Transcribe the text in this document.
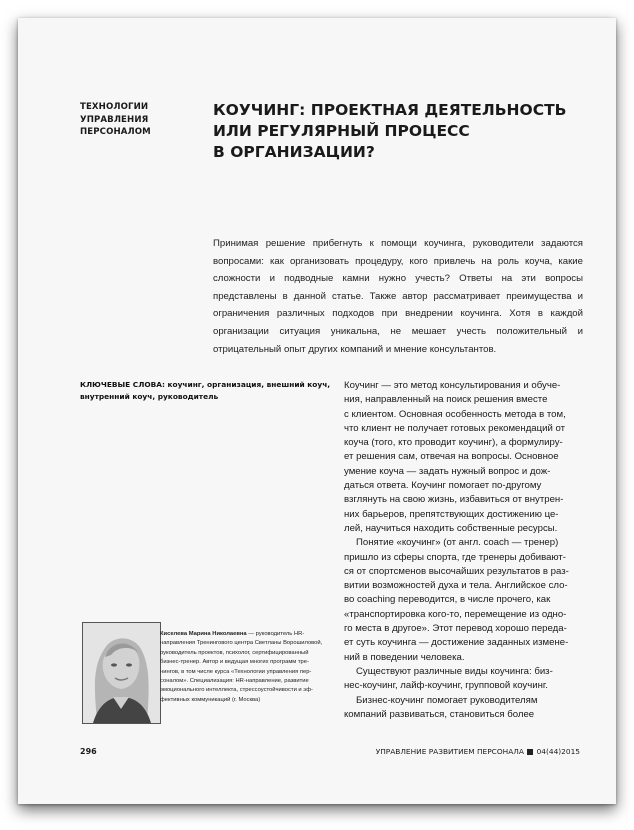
ТЕХНОЛОГИИ
УПРАВЛЕНИЯ
ПЕРСОНАЛОМ
КОУЧИНГ: ПРОЕКТНАЯ ДЕЯТЕЛЬНОСТЬ
ИЛИ РЕГУЛЯРНЫЙ ПРОЦЕСС
В ОРГАНИЗАЦИИ?
Принимая решение прибегнуть к помощи коучинга, руководители задаются вопросами: как организовать процедуру, кого привлечь на роль коуча, какие сложности и подводные камни нужно учесть? Ответы на эти вопросы представлены в данной статье. Также автор рассматривает преимущества и ограничения различных подходов при внедрении коучинга. Хотя в каждой организации ситуация уникальна, не мешает учесть положительный и отрицательный опыт других компаний и мнение консультантов.
КЛЮЧЕВЫЕ СЛОВА: коучинг, организация, внешний коуч, внутренний коуч, руководитель
Коучинг — это метод консультирования и обуче-
ния, направленный на поиск решения вместе
с клиентом. Основная особенность метода в том,
что клиент не получает готовых рекомендаций от
коуча (того, кто проводит коучинг), а формулиру-
ет решения сам, отвечая на вопросы. Основное
умение коуча — задать нужный вопрос и дож-
даться ответа. Коучинг помогает по-другому
взглянуть на свою жизнь, избавиться от внутрен-
них барьеров, препятствующих достижению це-
лей, научиться находить собственные ресурсы.
Понятие «коучинг» (от англ. coach — тренер)
пришло из сферы спорта, где тренеры добивают-
ся от спортсменов высочайших результатов в раз-
витии возможностей духа и тела. Английское сло-
во coaching переводится, в числе прочего, как
«транспортировка кого-то, перемещение из одно-
го места в другое». Этот перевод хорошо переда-
ет суть коучинга — достижение заданных измене-
ний в поведении человека.
Существуют различные виды коучинга: биз-
нес-коучинг, лайф-коучинг, групповой коучинг.
Бизнес-коучинг помогает руководителям
компаний развиваться, становиться более
Киселева Марина Николаевна — руководитель HR-
направления Тренингового центра Светланы Ворошиловой,
руководитель проектов, психолог, сертифицированный
бизнес-тренер. Автор и ведущая многих программ тре-
нингов, в том числе курса «Технологии управления пер-
соналом». Специализация: HR-направление, развитие
эмоционального интеллекта, стрессоустойчивости и эф-
фективных коммуникаций (г. Москва)
296	УПРАВЛЕНИЕ РАЗВИТИЕМ ПЕРСОНАЛА 04(44)2015
